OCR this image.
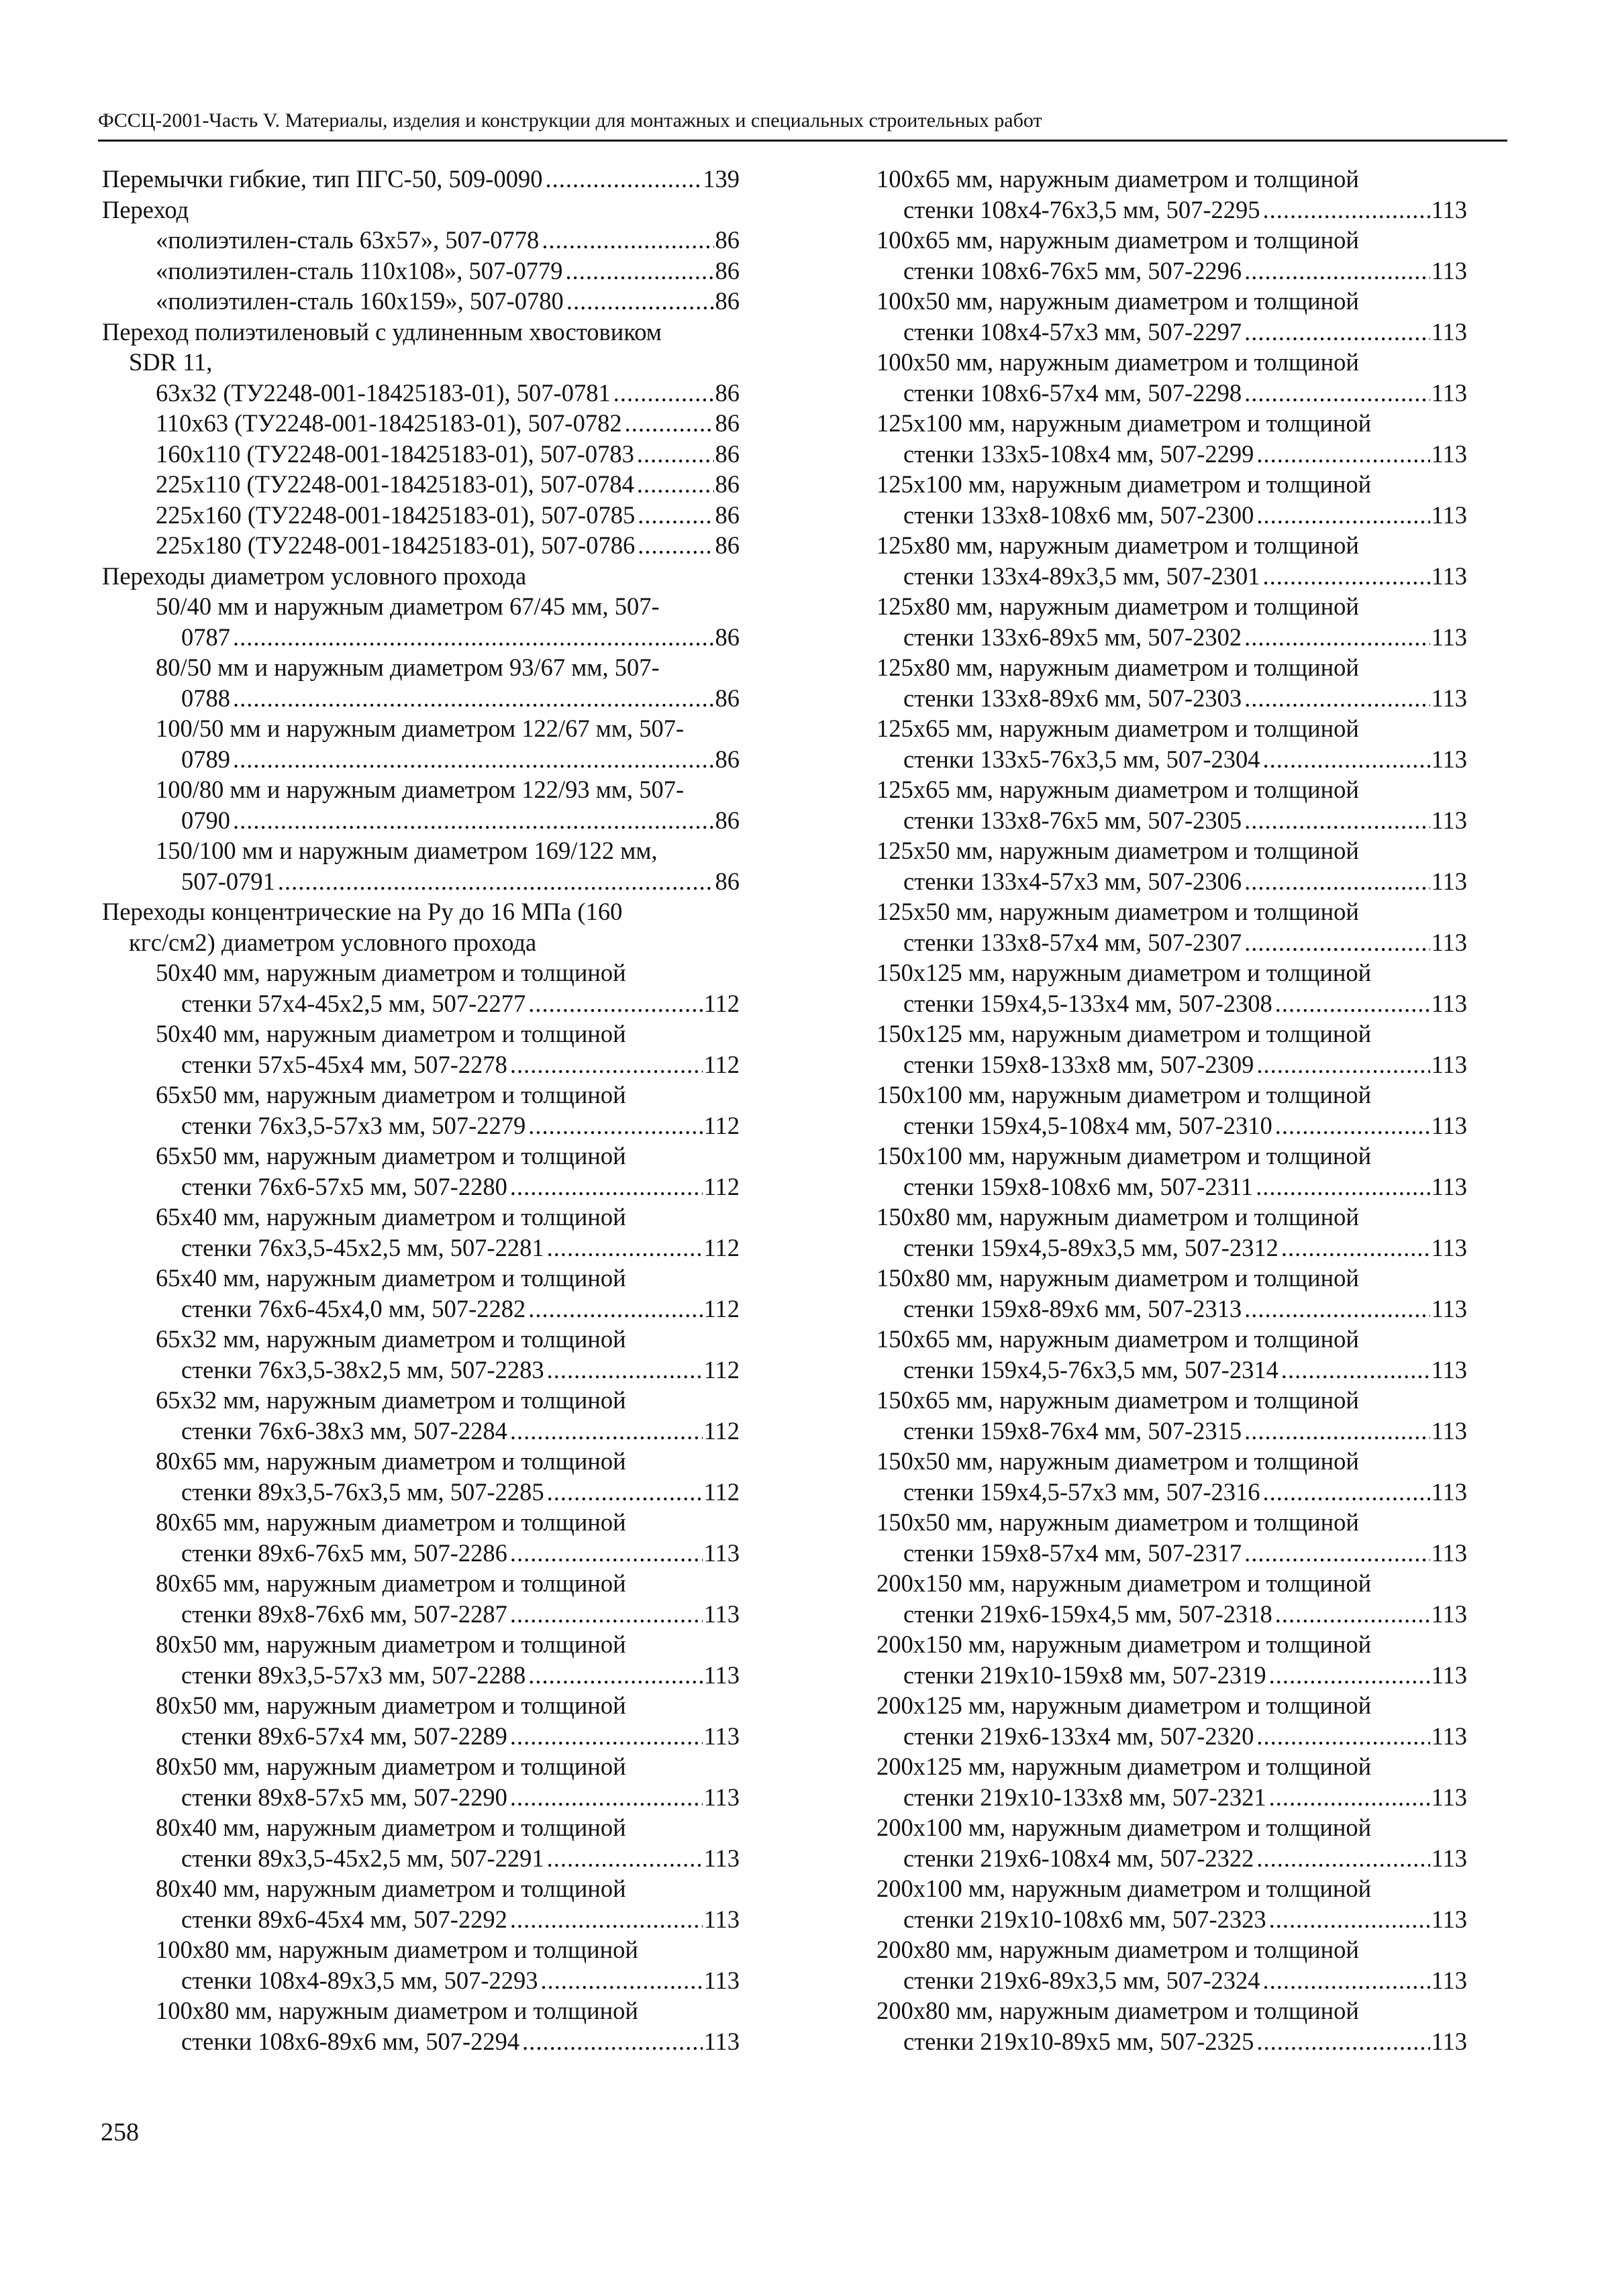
ФССЦ-2001-Часть V. Материалы, изделия и конструкции для монтажных и специальных строительных работ
Перемычки гибкие, тип ПГС-50, 509-0090 .....	139
Переход
«полиэтилен-сталь 63х57», 507-0778 .....	86
«полиэтилен-сталь 110х108», 507-0779 .....	86
«полиэтилен-сталь 160х159», 507-0780 .....	86
Переход полиэтиленовый с удлиненным хвостовиком
SDR 11,
63х32 (ТУ2248-001-18425183-01), 507-0781 .....	86
110х63 (ТУ2248-001-18425183-01), 507-0782 .....	86
160х110 (ТУ2248-001-18425183-01), 507-0783 .....	86
225х110 (ТУ2248-001-18425183-01), 507-0784 .....	86
225х160 (ТУ2248-001-18425183-01), 507-0785 .....	86
225х180 (ТУ2248-001-18425183-01), 507-0786 .....	86
Переходы диаметром условного прохода
50/40 мм и наружным диаметром 67/45 мм, 507-
0787 .....	86
80/50 мм и наружным диаметром 93/67 мм, 507-
0788 .....	86
100/50 мм и наружным диаметром 122/67 мм, 507-
0789 .....	86
100/80 мм и наружным диаметром 122/93 мм, 507-
0790 .....	86
150/100 мм и наружным диаметром 169/122 мм,
507-0791 .....	86
Переходы концентрические на Ру до 16 МПа (160
кгс/см2) диаметром условного прохода
50х40 мм, наружным диаметром и толщиной
стенки 57х4-45х2,5 мм, 507-2277 .....	112
50х40 мм, наружным диаметром и толщиной
стенки 57х5-45х4 мм, 507-2278 .....	112
65х50 мм, наружным диаметром и толщиной
стенки 76х3,5-57х3 мм, 507-2279 .....	112
65х50 мм, наружным диаметром и толщиной
стенки 76х6-57х5 мм, 507-2280 .....	112
65х40 мм, наружным диаметром и толщиной
стенки 76х3,5-45х2,5 мм, 507-2281 .....	112
65х40 мм, наружным диаметром и толщиной
стенки 76х6-45х4,0 мм, 507-2282 .....	112
65х32 мм, наружным диаметром и толщиной
стенки 76х3,5-38х2,5 мм, 507-2283 .....	112
65х32 мм, наружным диаметром и толщиной
стенки 76х6-38х3 мм, 507-2284 .....	112
80х65 мм, наружным диаметром и толщиной
стенки 89х3,5-76х3,5 мм, 507-2285 .....	112
80х65 мм, наружным диаметром и толщиной
стенки 89х6-76х5 мм, 507-2286 .....	113
80х65 мм, наружным диаметром и толщиной
стенки 89х8-76х6 мм, 507-2287 .....	113
80х50 мм, наружным диаметром и толщиной
стенки 89х3,5-57х3 мм, 507-2288 .....	113
80х50 мм, наружным диаметром и толщиной
стенки 89х6-57х4 мм, 507-2289 .....	113
80х50 мм, наружным диаметром и толщиной
стенки 89х8-57х5 мм, 507-2290 .....	113
80х40 мм, наружным диаметром и толщиной
стенки 89х3,5-45х2,5 мм, 507-2291 .....	113
80х40 мм, наружным диаметром и толщиной
стенки 89х6-45х4 мм, 507-2292 .....	113
100х80 мм, наружным диаметром и толщиной
стенки 108х4-89х3,5 мм, 507-2293 .....	113
100х80 мм, наружным диаметром и толщиной
стенки 108х6-89х6 мм, 507-2294 .....	113
100х65 мм, наружным диаметром и толщиной
стенки 108х4-76х3,5 мм, 507-2295 .....	113
100х65 мм, наружным диаметром и толщиной
стенки 108х6-76х5 мм, 507-2296 .....	113
100х50 мм, наружным диаметром и толщиной
стенки 108х4-57х3 мм, 507-2297 .....	113
100х50 мм, наружным диаметром и толщиной
стенки 108х6-57х4 мм, 507-2298 .....	113
125х100 мм, наружным диаметром и толщиной
стенки 133х5-108х4 мм, 507-2299 .....	113
125х100 мм, наружным диаметром и толщиной
стенки 133х8-108х6 мм, 507-2300 .....	113
125х80 мм, наружным диаметром и толщиной
стенки 133х4-89х3,5 мм, 507-2301 .....	113
125х80 мм, наружным диаметром и толщиной
стенки 133х6-89х5 мм, 507-2302 .....	113
125х80 мм, наружным диаметром и толщиной
стенки 133х8-89х6 мм, 507-2303 .....	113
125х65 мм, наружным диаметром и толщиной
стенки 133х5-76х3,5 мм, 507-2304 .....	113
125х65 мм, наружным диаметром и толщиной
стенки 133х8-76х5 мм, 507-2305 .....	113
125х50 мм, наружным диаметром и толщиной
стенки 133х4-57х3 мм, 507-2306 .....	113
125х50 мм, наружным диаметром и толщиной
стенки 133х8-57х4 мм, 507-2307 .....	113
150х125 мм, наружным диаметром и толщиной
стенки 159х4,5-133х4 мм, 507-2308 .....	113
150х125 мм, наружным диаметром и толщиной
стенки 159х8-133х8 мм, 507-2309 .....	113
150х100 мм, наружным диаметром и толщиной
стенки 159х4,5-108х4 мм, 507-2310 .....	113
150х100 мм, наружным диаметром и толщиной
стенки 159х8-108х6 мм, 507-2311 .....	113
150х80 мм, наружным диаметром и толщиной
стенки 159х4,5-89х3,5 мм, 507-2312 .....	113
150х80 мм, наружным диаметром и толщиной
стенки 159х8-89х6 мм, 507-2313 .....	113
150х65 мм, наружным диаметром и толщиной
стенки 159х4,5-76х3,5 мм, 507-2314 .....	113
150х65 мм, наружным диаметром и толщиной
стенки 159х8-76х4 мм, 507-2315 .....	113
150х50 мм, наружным диаметром и толщиной
стенки 159х4,5-57х3 мм, 507-2316 .....	113
150х50 мм, наружным диаметром и толщиной
стенки 159х8-57х4 мм, 507-2317 .....	113
200х150 мм, наружным диаметром и толщиной
стенки 219х6-159х4,5 мм, 507-2318 .....	113
200х150 мм, наружным диаметром и толщиной
стенки 219х10-159х8 мм, 507-2319 .....	113
200х125 мм, наружным диаметром и толщиной
стенки 219х6-133х4 мм, 507-2320 .....	113
200х125 мм, наружным диаметром и толщиной
стенки 219х10-133х8 мм, 507-2321 .....	113
200х100 мм, наружным диаметром и толщиной
стенки 219х6-108х4 мм, 507-2322 .....	113
200х100 мм, наружным диаметром и толщиной
стенки 219х10-108х6 мм, 507-2323 .....	113
200х80 мм, наружным диаметром и толщиной
стенки 219х6-89х3,5 мм, 507-2324 .....	113
200х80 мм, наружным диаметром и толщиной
стенки 219х10-89х5 мм, 507-2325 .....	113
258
